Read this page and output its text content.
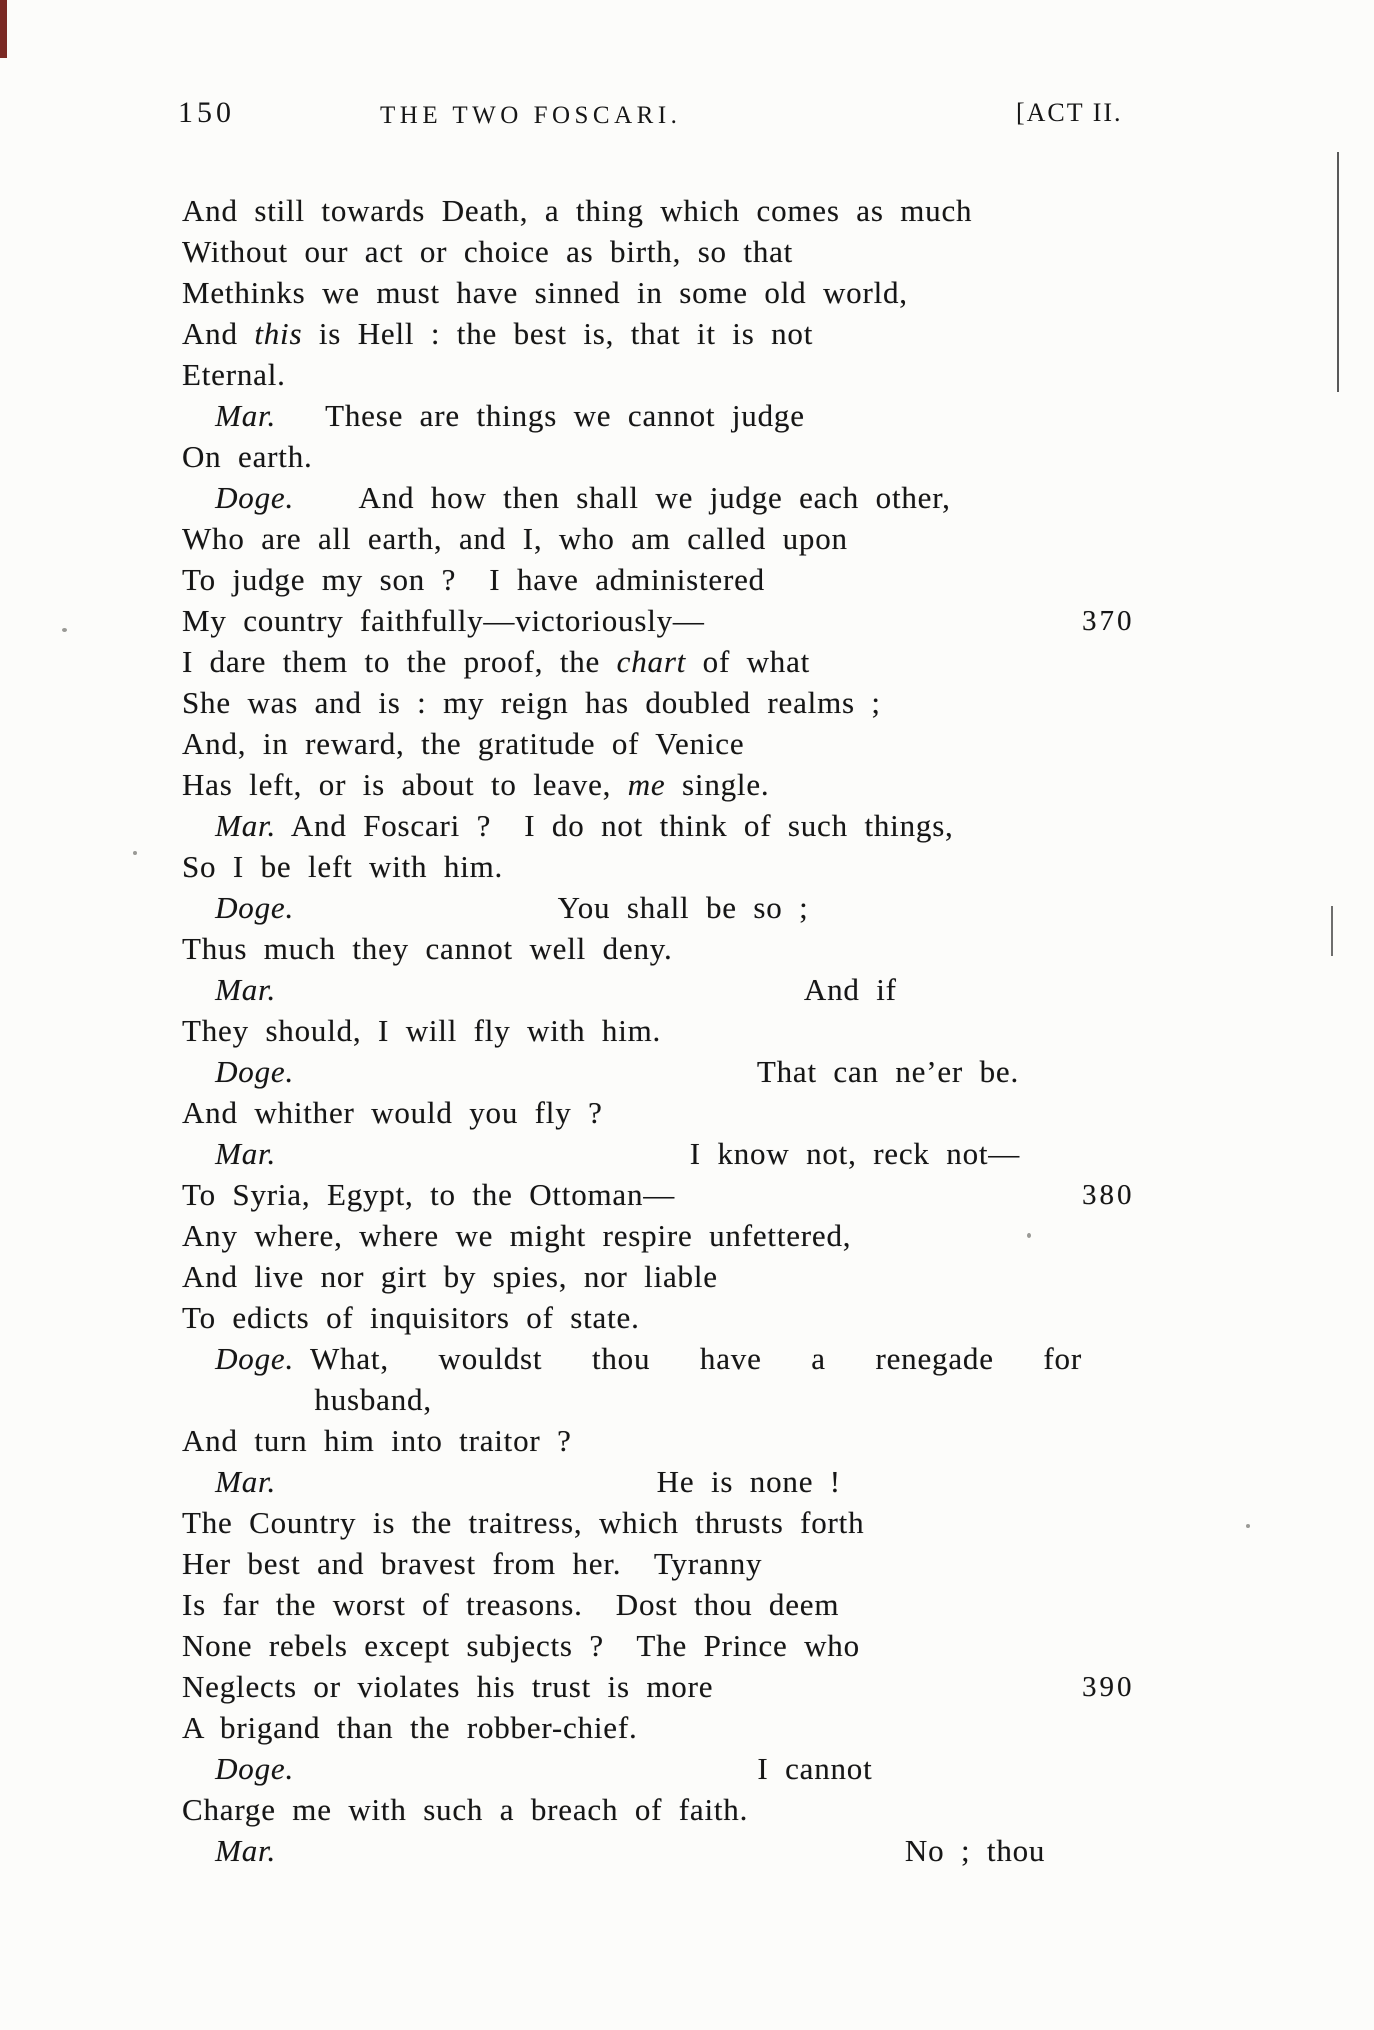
150	THE TWO FOSCARI.	[ACT II.
And still towards Death, a thing which comes as much
Without our act or choice as birth, so that
Methinks we must have sinned in some old world,
And this is Hell : the best is, that it is not
Eternal.
Mar.   These are things we cannot judge
On earth.
Doge.    And how then shall we judge each other,
Who are all earth, and I, who am called upon
To judge my son ?  I have administered
My country faithfully—victoriously—	370
I dare them to the proof, the chart of what
She was and is : my reign has doubled realms ;
And, in reward, the gratitude of Venice
Has left, or is about to leave, me single.
Mar. And Foscari ?  I do not think of such things,
So I be left with him.
Doge.                You shall be so ;
Thus much they cannot well deny.
Mar.                                And if
They should, I will fly with him.
Doge.                            That can ne’er be.
And whither would you fly ?
Mar.                         I know not, reck not—
To Syria, Egypt, to the Ottoman—	380
Any where, where we might respire unfettered,
And live nor girt by spies, nor liable
To edicts of inquisitors of state.
Doge. What,   wouldst   thou   have   a   renegade   for
husband,
And turn him into traitor ?
Mar.                       He is none !
The Country is the traitress, which thrusts forth
Her best and bravest from her.  Tyranny
Is far the worst of treasons.  Dost thou deem
None rebels except subjects ?  The Prince who
Neglects or violates his trust is more	390
A brigand than the robber-chief.
Doge.                            I cannot
Charge me with such a breach of faith.
Mar.                                      No ; thou
